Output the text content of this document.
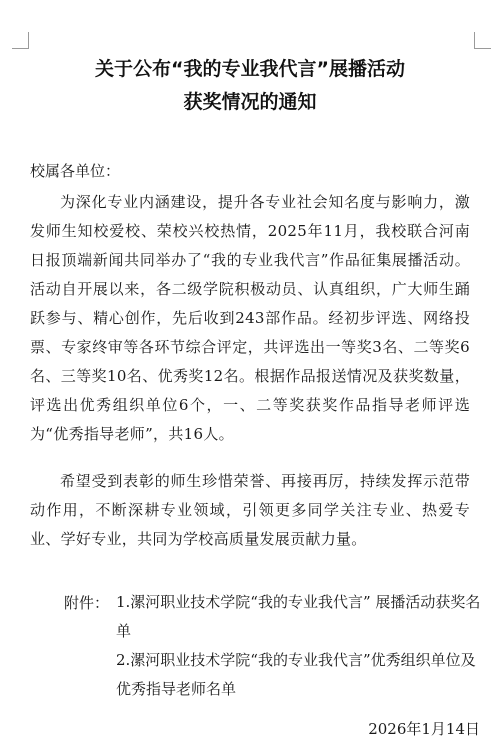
关于公布“我的专业我代言”展播活动
获奖情况的通知
校属各单位：

为深化专业内涵建设，提升各专业社会知名度与影响力，激发师生知校爱校、荣校兴校热情，2025年11月，我校联合河南日报顶端新闻共同举办了“我的专业我代言”作品征集展播活动。活动自开展以来，各二级学院积极动员、认真组织，广大师生踊跃参与、精心创作，先后收到243部作品。经初步评选、网络投票、专家终审等各环节综合评定，共评选出一等奖3名、二等奖6名、三等奖10名、优秀奖12名。根据作品报送情况及获奖数量，评选出优秀组织单位6个，一、二等奖获奖作品指导老师评选为“优秀指导老师”，共16人。

希望受到表彰的师生珍惜荣誉、再接再厉，持续发挥示范带动作用，不断深耕专业领域，引领更多同学关注专业、热爱专业、学好专业，共同为学校高质量发展贡献力量。

附件： 1.漯河职业技术学院“我的专业我代言” 展播活动获奖名单

2.漯河职业技术学院“我的专业我代言”优秀组织单位及优秀指导老师名单

2026年1月14日
